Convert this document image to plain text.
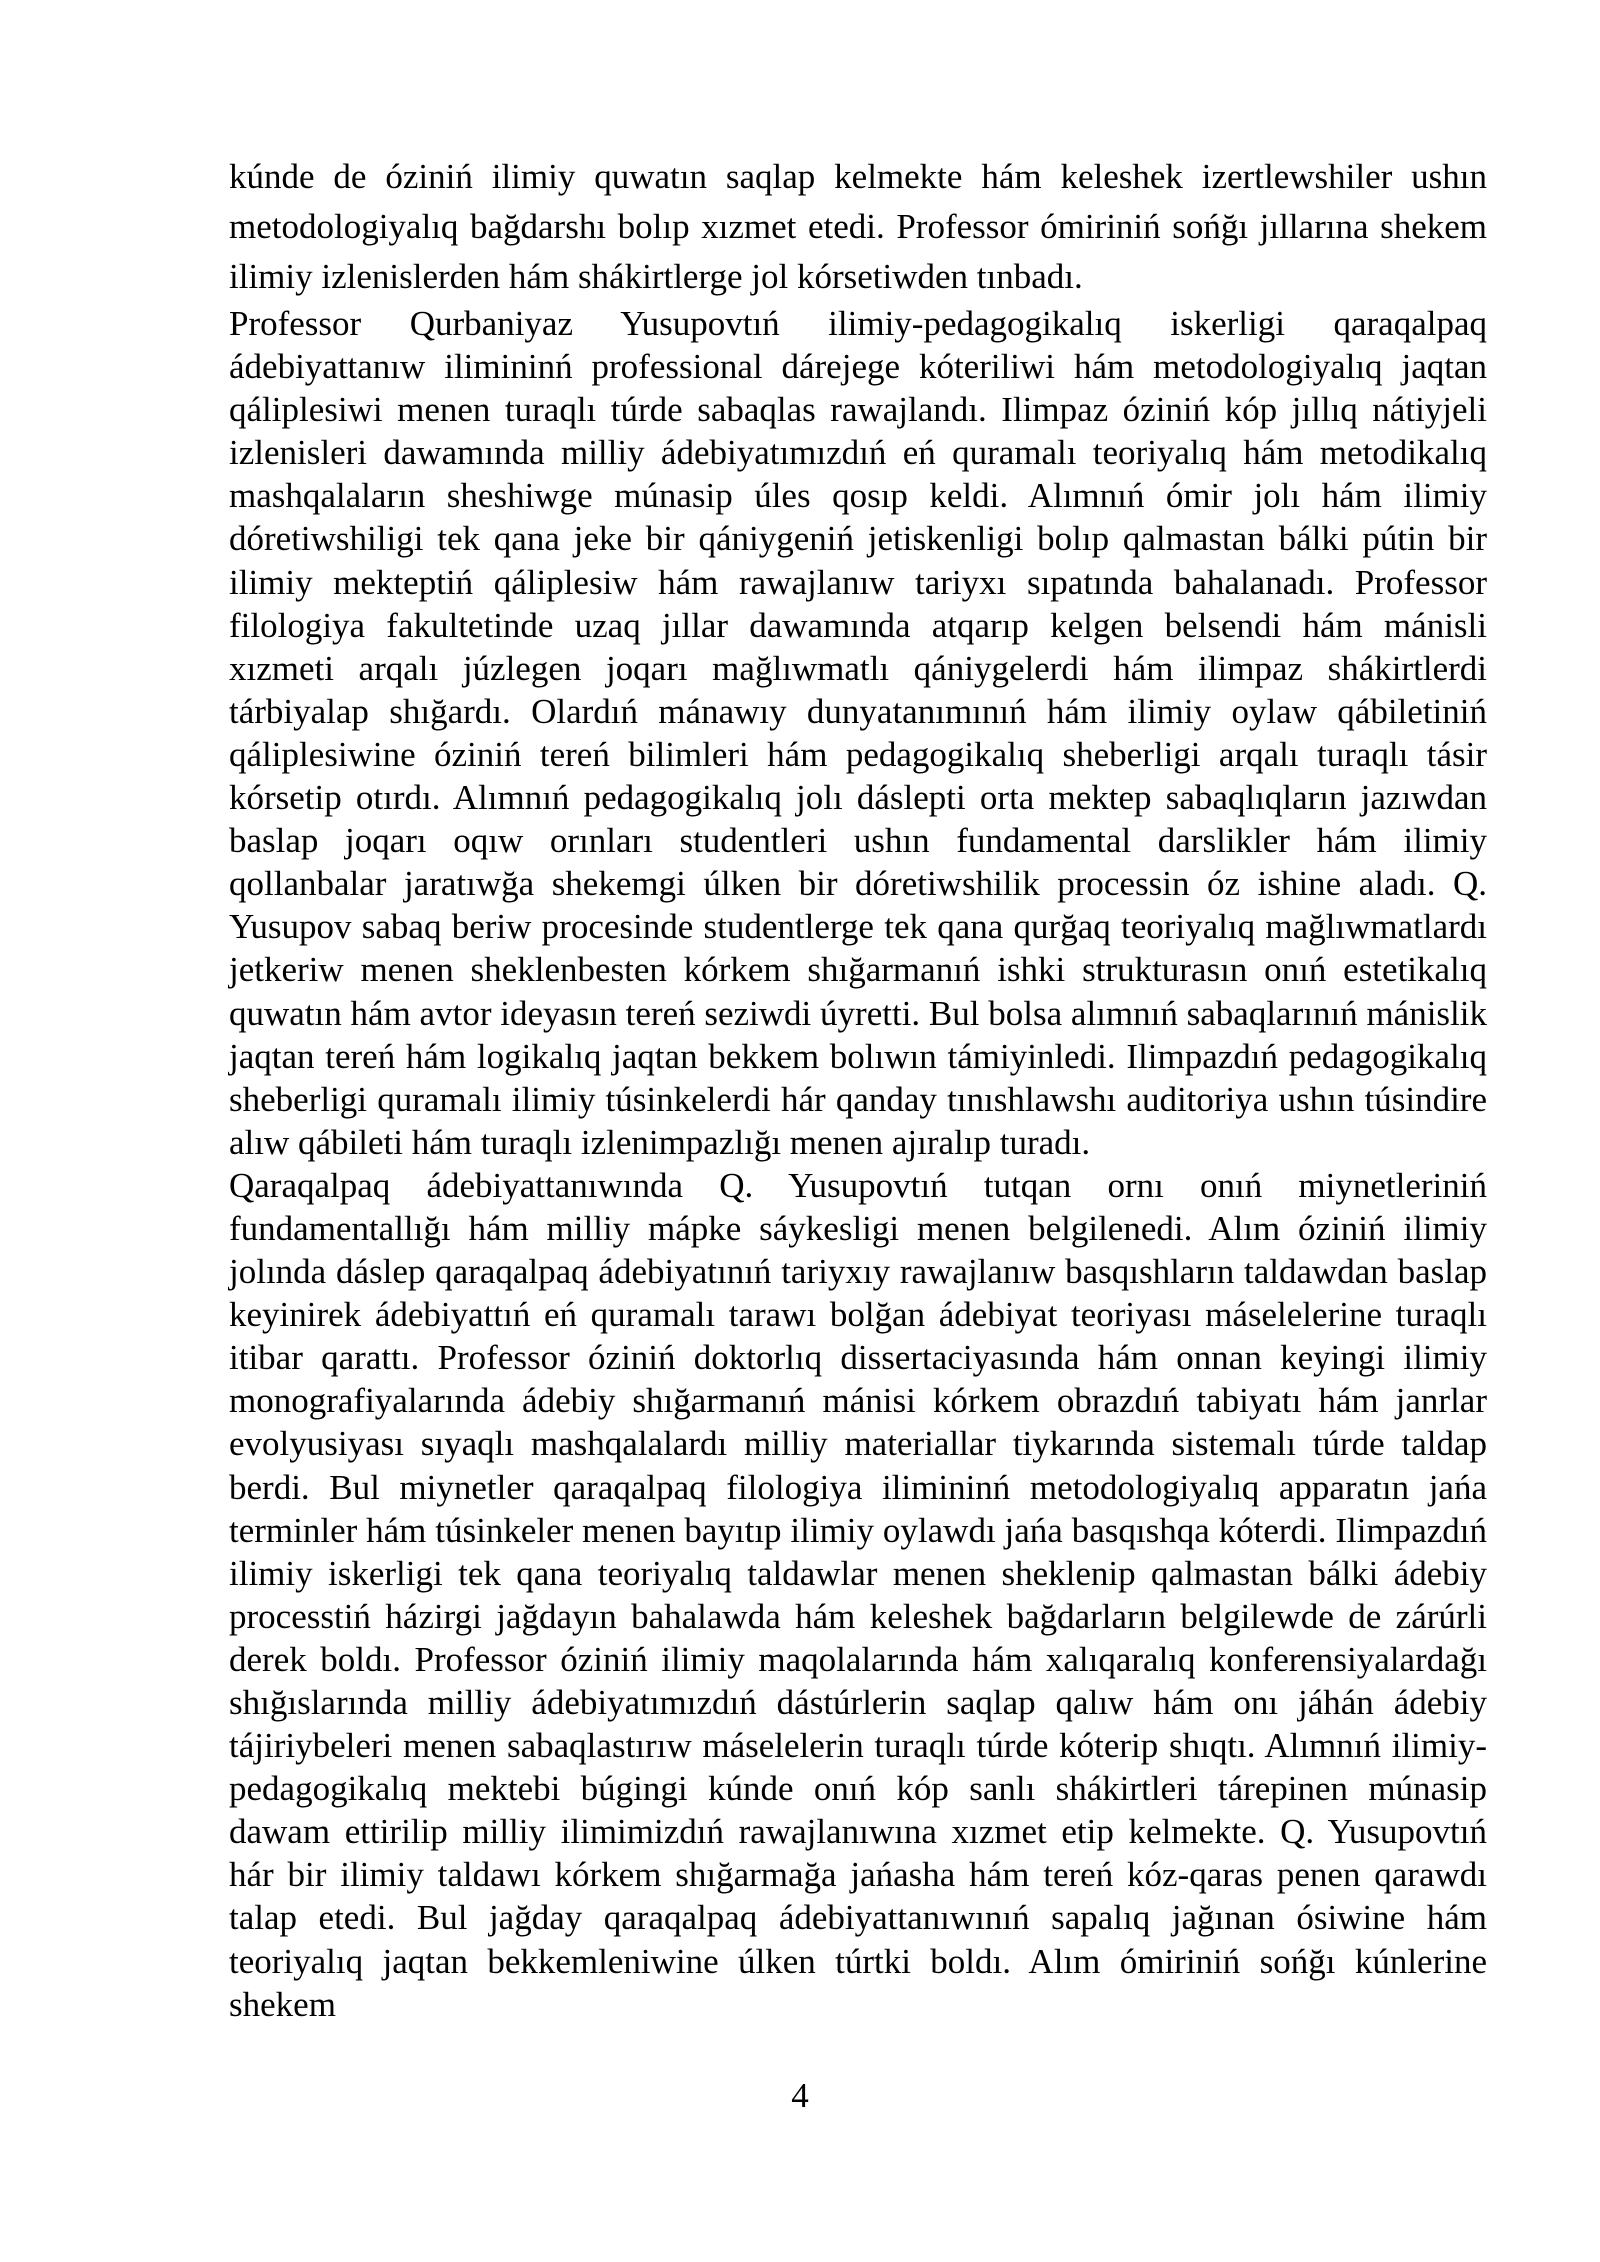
kúnde de óziniń ilimiy quwatın saqlap kelmekte hám keleshek izertlewshiler ushın metodologiyalıq bağdarshı bolıp xızmet etedi. Professor ómiriniń sońğı jıllarına shekem ilimiy izlenislerden hám shákirtlerge jol kórsetiwden tınbadı.

Professor Qurbaniyaz Yusupovtıń ilimiy-pedagogikalıq iskerligi qaraqalpaq ádebiyattanıw ilimininń professional dárejege kóteriliwi hám metodologiyalıq jaqtan qáliplesiwi menen turaqlı túrde sabaqlas rawajlandı. Ilimpaz óziniń kóp jıllıq nátiyjeli izlenisleri dawamında milliy ádebiyatımızdıń eń quramalı teoriyalıq hám metodikalıq mashqalaların sheshiwge múnasip úles qosıp keldi. Alımnıń ómir jolı hám ilimiy dóretiwshiligi tek qana jeke bir qániygeniń jetiskenligi bolıp qalmastan bálki pútin bir ilimiy mekteptiń qáliplesiw hám rawajlanıw tariyxı sıpatında bahalanadı. Professor filologiya fakultetinde uzaq jıllar dawamında atqarıp kelgen belsendi hám mánisli xızmeti arqalı júzlegen joqarı mağlıwmatlı qániygelerdi hám ilimpaz shákirtlerdi tárbiyalap shığardı. Olardıń mánawıy dunyatanımınıń hám ilimiy oylaw qábiletiniń qáliplesiwine óziniń tereń bilimleri hám pedagogikalıq sheberligi arqalı turaqlı tásir kórsetip otırdı. Alımnıń pedagogikalıq jolı dáslepti orta mektep sabaqlıqların jazıwdan baslap joqarı oqıw orınları studentleri ushın fundamental darslikler hám ilimiy qollanbalar jaratıwğa shekemgi úlken bir dóretiwshilik processin óz ishine aladı. Q. Yusupov sabaq beriw procesinde studentlerge tek qana qurğaq teoriyalıq mağlıwmatlardı jetkeriw menen sheklenbesten kórkem shığarmanıń ishki strukturasın onıń estetikalıq quwatın hám avtor ideyasın tereń seziwdi úyretti. Bul bolsa alımnıń sabaqlarınıń mánislik jaqtan tereń hám logikalıq jaqtan bekkem bolıwın támiyinledi. Ilimpazdıń pedagogikalıq sheberligi quramalı ilimiy túsinkelerdi hár qanday tınıshlawshı auditoriya ushın túsindire alıw qábileti hám turaqlı izlenimpazlığı menen ajıralıp turadı.

Qaraqalpaq ádebiyattanıwında Q. Yusupovtıń tutqan ornı onıń miynetleriniń fundamentallığı hám milliy mápke sáykesligi menen belgilenedi. Alım óziniń ilimiy jolında dáslep qaraqalpaq ádebiyatınıń tariyxıy rawajlanıw basqıshların taldawdan baslap keyinirek ádebiyattıń eń quramalı tarawı bolğan ádebiyat teoriyası máselelerine turaqlı itibar qarattı. Professor óziniń doktorlıq dissertaciyasında hám onnan keyingi ilimiy monografiyalarında ádebiy shığarmanıń mánisi kórkem obrazdıń tabiyatı hám janrlar evolyusiyası sıyaqlı mashqalalardı milliy materiallar tiykarında sistemalı túrde taldap berdi. Bul miynetler qaraqalpaq filologiya ilimininń metodologiyalıq apparatın jańa terminler hám túsinkeler menen bayıtıp ilimiy oylawdı jańa basqıshqa kóterdi. Ilimpazdıń ilimiy iskerligi tek qana teoriyalıq taldawlar menen sheklenip qalmastan bálki ádebiy processtiń házirgi jağdayın bahalawda hám keleshek bağdarların belgilewde de zárúrli derek boldı. Professor óziniń ilimiy maqolalarında hám xalıqaralıq konferensiyalardağı shığıslarında milliy ádebiyatımızdıń dástúrlerin saqlap qalıw hám onı jáhán ádebiy tájiriybeleri menen sabaqlastırıw máselelerin turaqlı túrde kóterip shıqtı. Alımnıń ilimiy-pedagogikalıq mektebi búgingi kúnde onıń kóp sanlı shákirtleri tárepinen múnasip dawam ettirilip milliy ilimimizdıń rawajlanıwına xızmet etip kelmekte. Q. Yusupovtıń hár bir ilimiy taldawı kórkem shığarmağa jańasha hám tereń kóz-qaras penen qarawdı talap etedi. Bul jağday qaraqalpaq ádebiyattanıwınıń sapalıq jağınan ósiwine hám teoriyalıq jaqtan bekkemleniwine úlken túrtki boldı. Alım ómiriniń sońğı kúnlerine shekem

4
